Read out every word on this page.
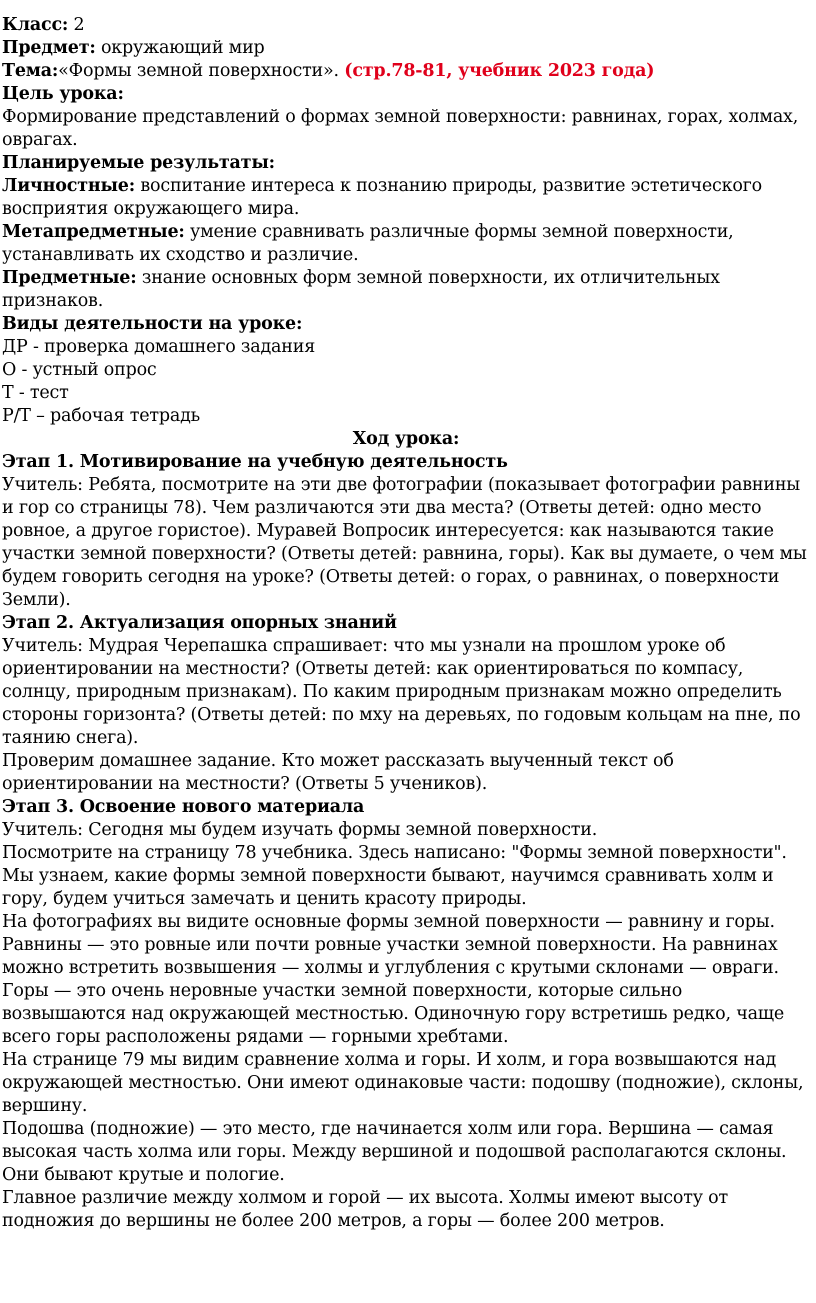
Класс: 2

Предмет: окружающий мир

Тема:«Формы земной поверхности». (стр.78-81, учебник 2023 года)

Цель урока:

Формирование представлений о формах земной поверхности: равнинах, горах, холмах, оврагах.

Планируемые результаты:

Личностные: воспитание интереса к познанию природы, развитие эстетического восприятия окружающего мира.

Метапредметные: умение сравнивать различные формы земной поверхности, устанавливать их сходство и различие.

Предметные: знание основных форм земной поверхности, их отличительных признаков.

Виды деятельности на уроке:

ДР - проверка домашнего задания

О - устный опрос

Т - тест

Р/Т – рабочая тетрадь

Ход урока:

Этап 1. Мотивирование на учебную деятельность

Учитель: Ребята, посмотрите на эти две фотографии (показывает фотографии равнины и гор со страницы 78). Чем различаются эти два места? (Ответы детей: одно место ровное, а другое гористое). Муравей Вопросик интересуется: как называются такие участки земной поверхности? (Ответы детей: равнина, горы). Как вы думаете, о чем мы будем говорить сегодня на уроке? (Ответы детей: о горах, о равнинах, о поверхности Земли).

Этап 2. Актуализация опорных знаний

Учитель: Мудрая Черепашка спрашивает: что мы узнали на прошлом уроке об ориентировании на местности? (Ответы детей: как ориентироваться по компасу, солнцу, природным признакам). По каким природным признакам можно определить стороны горизонта? (Ответы детей: по мху на деревьях, по годовым кольцам на пне, по таянию снега).

Проверим домашнее задание. Кто может рассказать выученный текст об ориентировании на местности? (Ответы 5 учеников).

Этап 3. Освоение нового материала

Учитель: Сегодня мы будем изучать формы земной поверхности.

Посмотрите на страницу 78 учебника. Здесь написано: "Формы земной поверхности". Мы узнаем, какие формы земной поверхности бывают, научимся сравнивать холм и гору, будем учиться замечать и ценить красоту природы.

На фотографиях вы видите основные формы земной поверхности — равнину и горы.

Равнины — это ровные или почти ровные участки земной поверхности. На равнинах можно встретить возвышения — холмы и углубления с крутыми склонами — овраги.

Горы — это очень неровные участки земной поверхности, которые сильно возвышаются над окружающей местностью. Одиночную гору встретишь редко, чаще всего горы расположены рядами — горными хребтами.

На странице 79 мы видим сравнение холма и горы. И холм, и гора возвышаются над окружающей местностью. Они имеют одинаковые части: подошву (подножие), склоны, вершину.

Подошва (подножие) — это место, где начинается холм или гора. Вершина — самая высокая часть холма или горы. Между вершиной и подошвой располагаются склоны. Они бывают крутые и пологие.

Главное различие между холмом и горой — их высота. Холмы имеют высоту от подножия до вершины не более 200 метров, а горы — более 200 метров.
